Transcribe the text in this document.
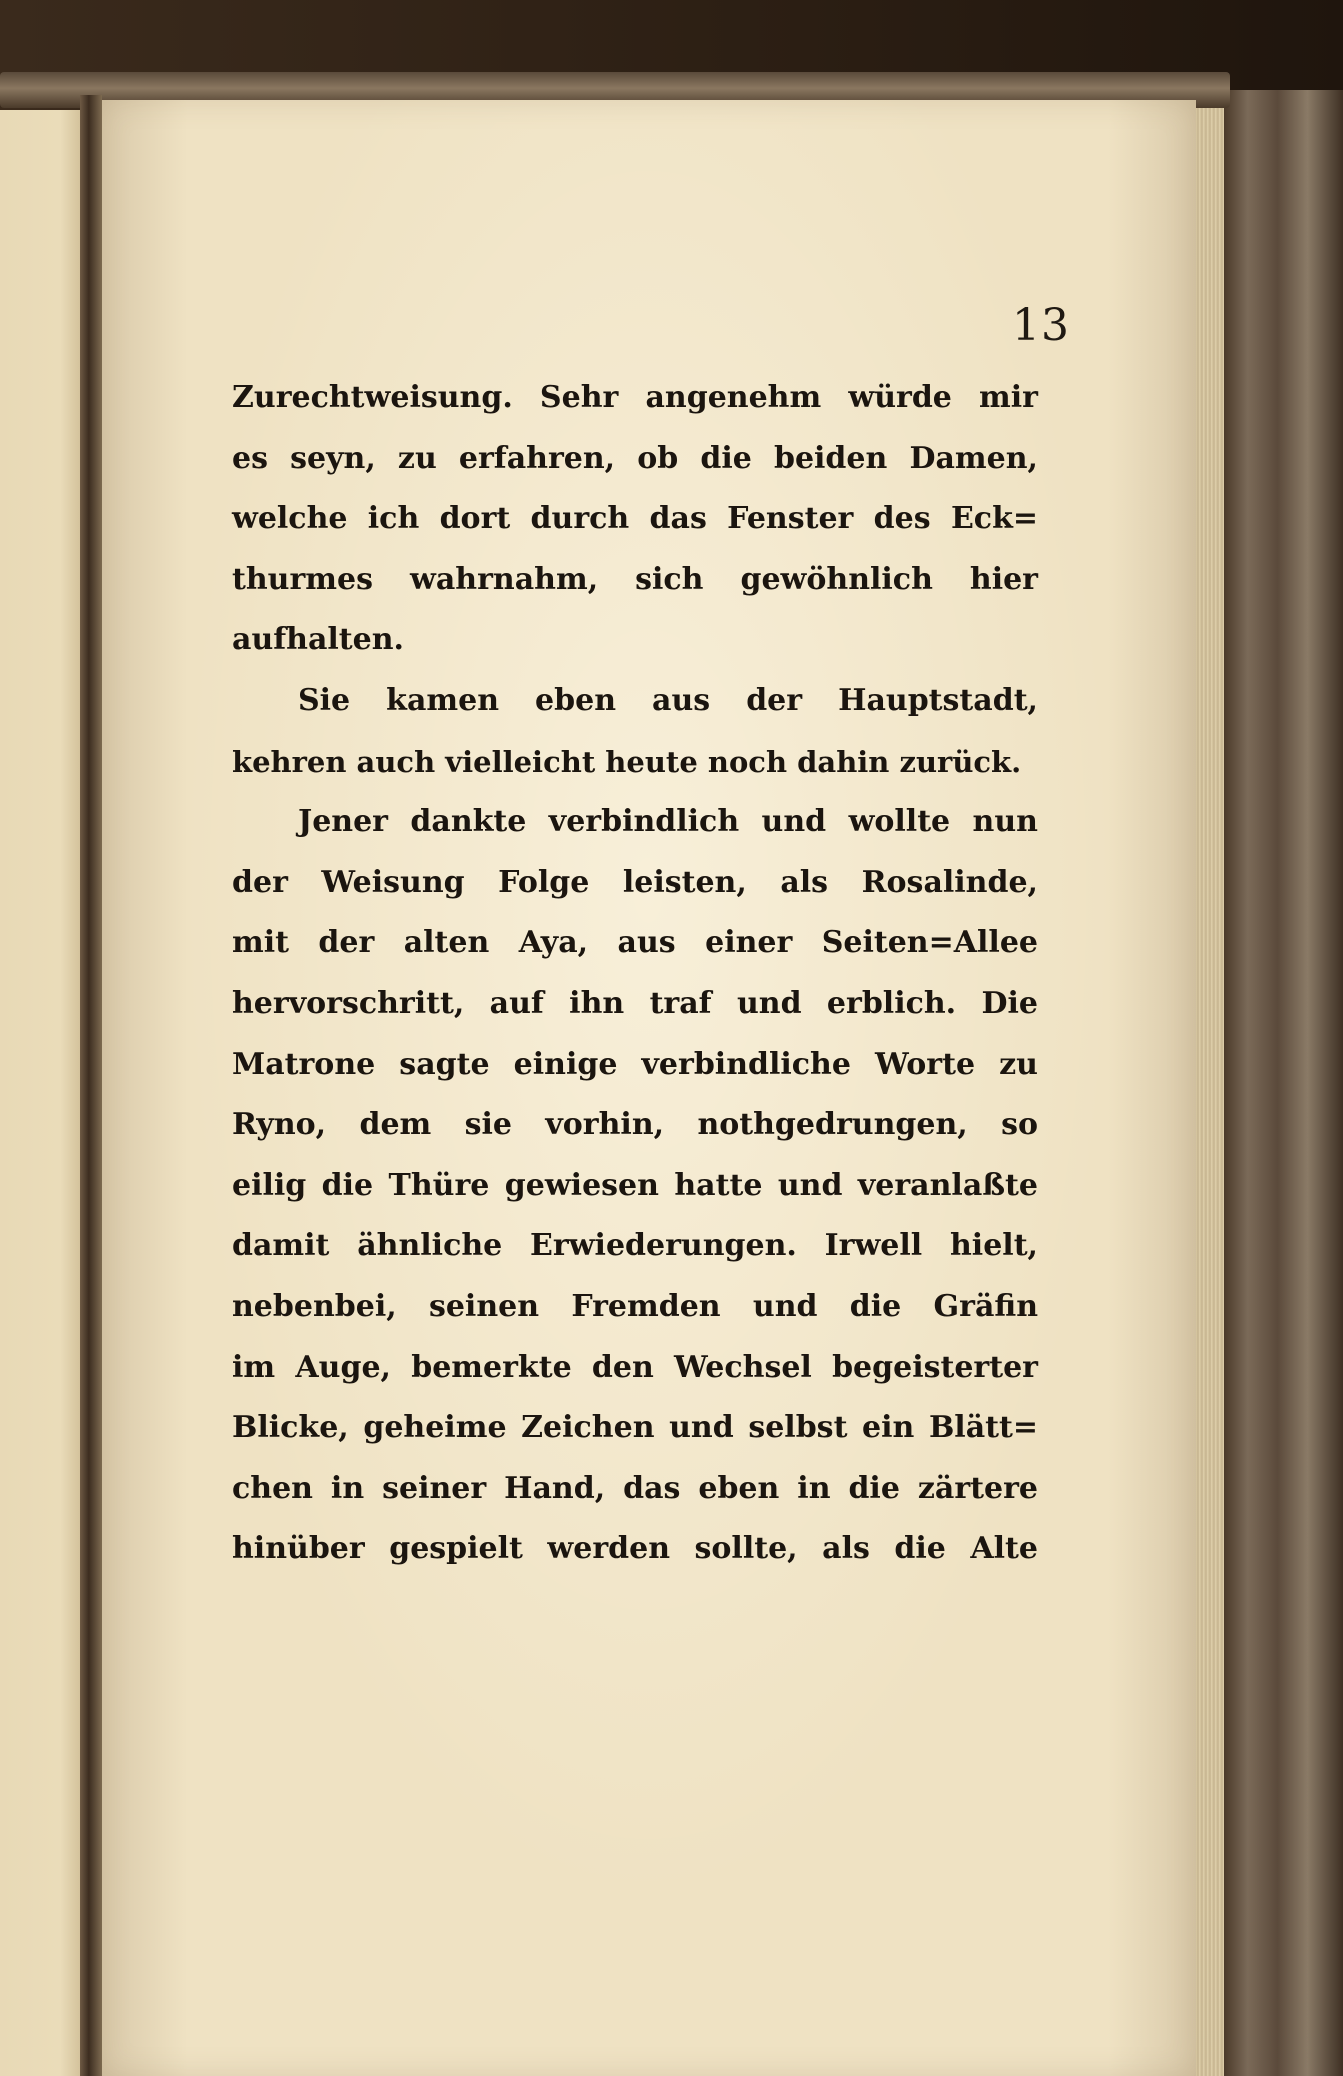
13

Zurechtweisung. Sehr angenehm würde mir
es seyn, zu erfahren, ob die beiden Damen,
welche ich dort durch das Fenster des Eck=
thurmes wahrnahm, sich gewöhnlich hier
aufhalten.
Sie kamen eben aus der Hauptstadt,
kehren auch vielleicht heute noch dahin zurück.
Jener dankte verbindlich und wollte nun
der Weisung Folge leisten, als Rosalinde,
mit der alten Aya, aus einer Seiten=Allee
hervorschritt, auf ihn traf und erblich. Die
Matrone sagte einige verbindliche Worte zu
Ryno, dem sie vorhin, nothgedrungen, so
eilig die Thüre gewiesen hatte und veranlaßte
damit ähnliche Erwiederungen. Irwell hielt,
nebenbei, seinen Fremden und die Gräfin
im Auge, bemerkte den Wechsel begeisterter
Blicke, geheime Zeichen und selbst ein Blätt=
chen in seiner Hand, das eben in die zärtere
hinüber gespielt werden sollte, als die Alte
